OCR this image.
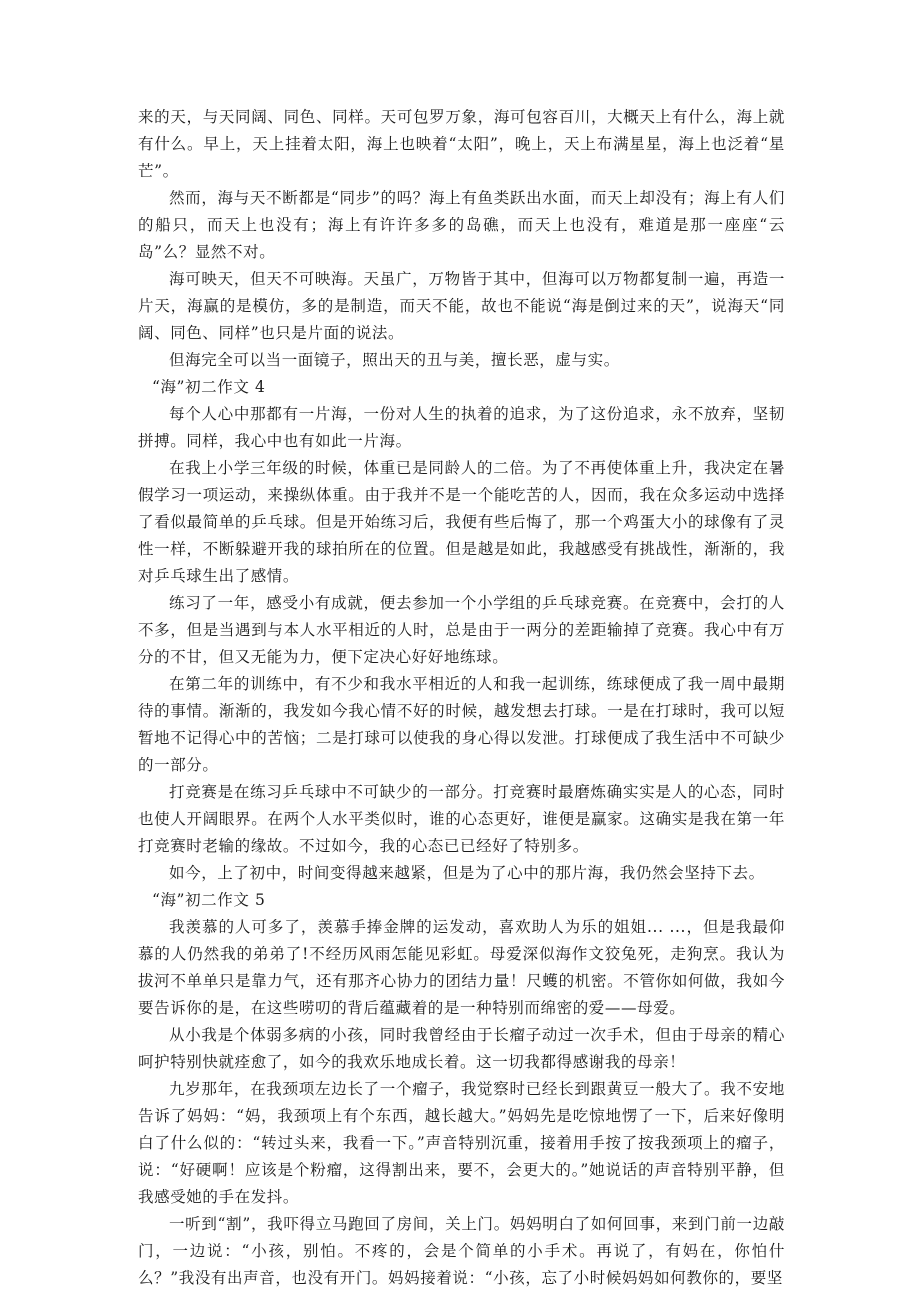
来的天，与天同阔、同色、同样。天可包罗万象，海可包容百川，大概天上有什么，海上就有什么。早上，天上挂着太阳，海上也映着“太阳”，晚上，天上布满星星，海上也泛着“星芒”。

然而，海与天不断都是“同步”的吗？海上有鱼类跃出水面，而天上却没有；海上有人们的船只，而天上也没有；海上有许许多多的岛礁，而天上也没有，难道是那一座座“云岛”么？显然不对。

海可映天，但天不可映海。天虽广，万物皆于其中，但海可以万物都复制一遍，再造一片天，海赢的是模仿，多的是制造，而天不能，故也不能说“海是倒过来的天”，说海天“同阔、同色、同样”也只是片面的说法。

但海完全可以当一面镜子，照出天的丑与美，擅长恶，虚与实。

“海”初二作文 4

每个人心中那都有一片海，一份对人生的执着的追求，为了这份追求，永不放弃，坚韧拼搏。同样，我心中也有如此一片海。

在我上小学三年级的时候，体重已是同龄人的二倍。为了不再使体重上升，我决定在暑假学习一项运动，来操纵体重。由于我并不是一个能吃苦的人，因而，我在众多运动中选择了看似最简单的乒乓球。但是开始练习后，我便有些后悔了，那一个鸡蛋大小的球像有了灵性一样，不断躲避开我的球拍所在的位置。但是越是如此，我越感受有挑战性，渐渐的，我对乒乓球生出了感情。

练习了一年，感受小有成就，便去参加一个小学组的乒乓球竞赛。在竞赛中，会打的人不多，但是当遇到与本人水平相近的人时，总是由于一两分的差距输掉了竞赛。我心中有万分的不甘，但又无能为力，便下定决心好好地练球。

在第二年的训练中，有不少和我水平相近的人和我一起训练，练球便成了我一周中最期待的事情。渐渐的，我发如今我心情不好的时候，越发想去打球。一是在打球时，我可以短暂地不记得心中的苦恼；二是打球可以使我的身心得以发泄。打球便成了我生活中不可缺少的一部分。

打竞赛是在练习乒乓球中不可缺少的一部分。打竞赛时最磨炼确实实是人的心态，同时也使人开阔眼界。在两个人水平类似时，谁的心态更好，谁便是赢家。这确实是我在第一年打竞赛时老输的缘故。不过如今，我的心态已已经好了特别多。

如今，上了初中，时间变得越来越紧，但是为了心中的那片海，我仍然会坚持下去。

“海”初二作文 5

我羡慕的人可多了，羡慕手捧金牌的运发动，喜欢助人为乐的姐姐... ...，但是我最仰慕的人仍然我的弟弟了!不经历风雨怎能见彩虹。母爱深似海作文狡兔死，走狗烹。我认为拔河不单单只是靠力气，还有那齐心协力的团结力量！尺蠖的机密。不管你如何做，我如今要告诉你的是，在这些唠叨的背后蕴藏着的是一种特别而绵密的爱——母爱。

从小我是个体弱多病的小孩，同时我曾经由于长瘤子动过一次手术，但由于母亲的精心呵护特别快就痊愈了，如今的我欢乐地成长着。这一切我都得感谢我的母亲！

九岁那年，在我颈项左边长了一个瘤子，我觉察时已经长到跟黄豆一般大了。我不安地告诉了妈妈：“妈，我颈项上有个东西，越长越大。”妈妈先是吃惊地愣了一下，后来好像明白了什么似的：“转过头来，我看一下。”声音特别沉重，接着用手按了按我颈项上的瘤子，说：“好硬啊！应该是个粉瘤，这得割出来，要不，会更大的。”她说话的声音特别平静，但我感受她的手在发抖。

一听到“割”，我吓得立马跑回了房间，关上门。妈妈明白了如何回事，来到门前一边敲门，一边说：“小孩，别怕。不疼的，会是个简单的小手术。再说了，有妈在，你怕什么？”我没有出声音，也没有开门。妈妈接着说：“小孩，忘了小时候妈妈如何教你的，要坚
